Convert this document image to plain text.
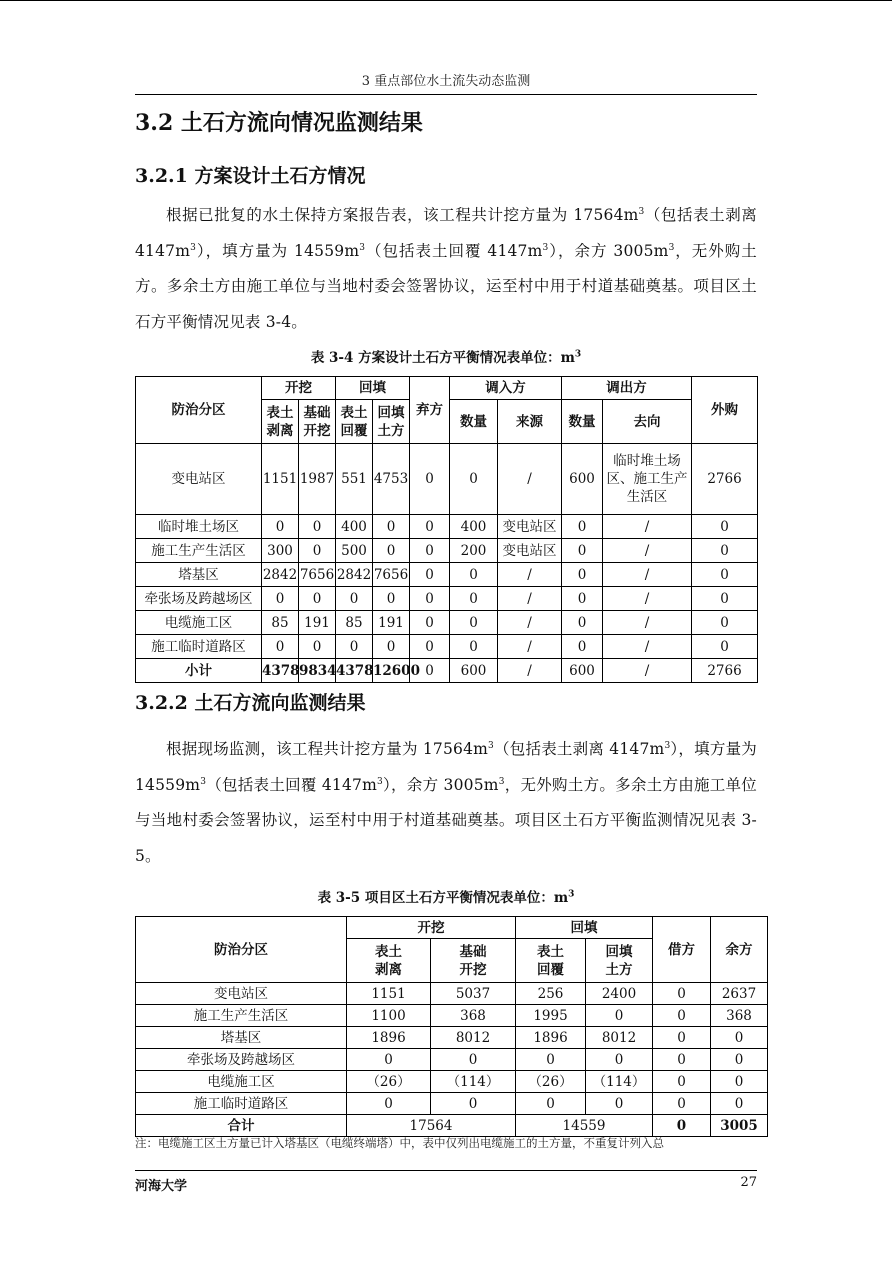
3 重点部位水土流失动态监测
3.2 土石方流向情况监测结果
3.2.1 方案设计土石方情况

根据已批复的水土保持方案报告表，该工程共计挖方量为 $17564m^3$（包括表土剥离 $4147m^3$），填方量为 $14559m^3$（包括表土回覆 $4147m^3$），余方 $3005m^3$，无外购土方。多余土方由施工单位与当地村委会签署协议，运至村中用于村道基础奠基。项目区土石方平衡情况见表 3-4。

表 3-4 方案设计土石方平衡情况表单位：$m^3$
防治分区	开挖		回填		弃方	调入方		调出方		外购
	表土剥离	基础开挖	表土回覆	回填土方		数量	来源	数量	去向	
变电站区	1151	1987	551	4753	0	0	/	600	临时堆土场区、施工生产生活区	2766
临时堆土场区	0	0	400	0	0	400	变电站区	0	/	0
施工生产生活区	300	0	500	0	0	200	变电站区	0	/	0
塔基区	2842	7656	2842	7656	0	0	/	0	/	0
牵张场及跨越场区	0	0	0	0	0	0	/	0	/	0
电缆施工区	85	191	85	191	0	0	/	0	/	0
施工临时道路区	0	0	0	0	0	0	/	0	/	0
小计	4378	9834	4378	12600	0	600	/	600	/	2766
3.2.2 土石方流向监测结果

根据现场监测，该工程共计挖方量为 $17564m^3$（包括表土剥离 $4147m^3$），填方量为 $14559m^3$（包括表土回覆 $4147m^3$），余方 $3005m^3$，无外购土方。多余土方由施工单位与当地村委会签署协议，运至村中用于村道基础奠基。项目区土石方平衡监测情况见表 3-5。

表 3-5 项目区土石方平衡情况表单位：$m^3$
防治分区	开挖		回填		借方	余方
	表土剥离	基础开挖	表土回覆	回填土方		
变电站区	1151	5037	256	2400	0	2637
施工生产生活区	1100	368	1995	0	0	368
塔基区	1896	8012	1896	8012	0	0
牵张场及跨越场区	0	0	0	0	0	0
电缆施工区	（26）	（114）	（26）	（114）	0	0
施工临时道路区	0	0	0	0	0	0
合计	17564		14559		0	3005
注：电缆施工区土方量已计入塔基区（电缆终端塔）中，表中仅列出电缆施工的土方量，不重复计列入总
河海大学	27
